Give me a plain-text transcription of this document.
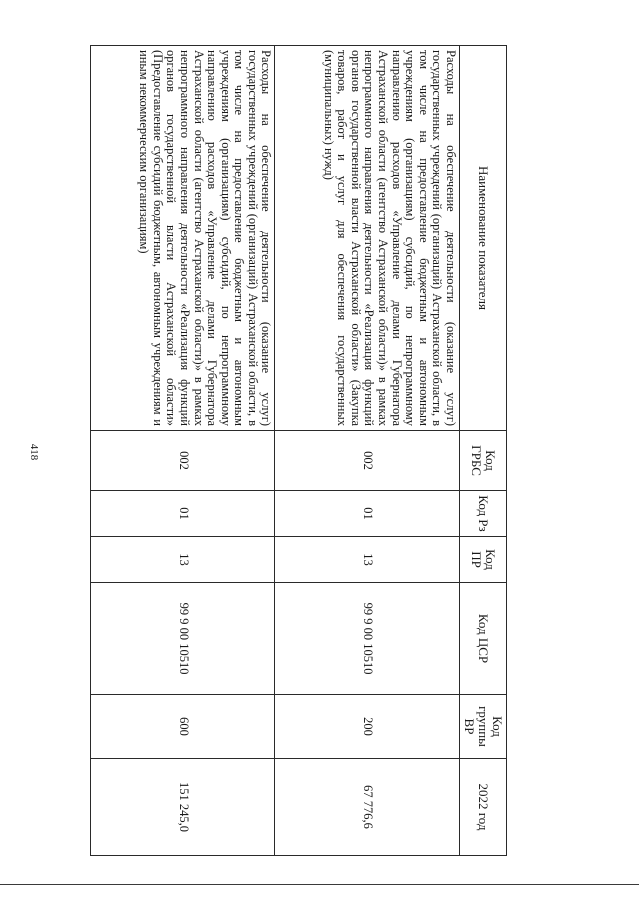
418
Наименование показателя	Код ГРБС	Код Рз	Код ПР	Код ЦСР	Код группы ВР	2022 год
Расходы на обеспечение деятельности (оказание услуг) государственных учреждений (организаций) Астраханской области, в том числе на предоставление бюджетным и автономным учреждениям (организациям) субсидий, по непрограммному направлению расходов «Управление делами Губернатора Астраханской области (агентство Астраханской области)» в рамках непрограммного направления деятельности «Реализация функций органов государственной власти Астраханской области» (Закупка товаров, работ и услуг для обеспечения государственных (муниципальных) нужд)	002	01	13	99 9 00 10510	200	67 776,6
Расходы на обеспечение деятельности (оказание услуг) государственных учреждений (организаций) Астраханской области, в том числе на предоставление бюджетным и автономным учреждениям (организациям) субсидий, по непрограммному направлению расходов «Управление делами Губернатора Астраханской области (агентство Астраханской области)» в рамках непрограммного направления деятельности «Реализация функций органов государственной власти Астраханской области» (Предоставление субсидий бюджетным, автономным учреждениям и иным некоммерческим организациям)	002	01	13	99 9 00 10510	600	151 245,0
